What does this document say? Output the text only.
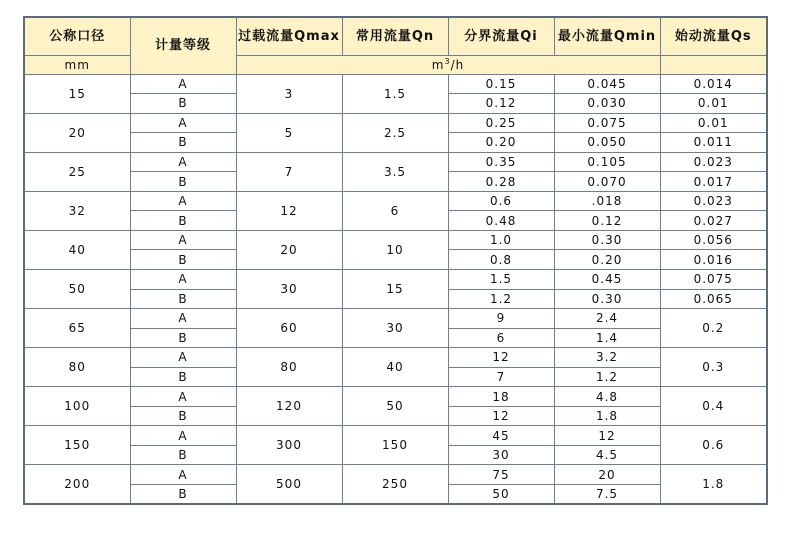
公称口径	计量等级	过载流量Qmax	常用流量Qn	分界流量Qi	最小流量Qmin	始动流量Qs
mm		$m^3/h$				
15	A	3	1.5	0.15	0.045	0.014
	B			0.12	0.030	0.01
20	A	5	2.5	0.25	0.075	0.01
	B			0.20	0.050	0.011
25	A	7	3.5	0.35	0.105	0.023
	B			0.28	0.070	0.017
32	A	12	6	0.6	.018	0.023
	B			0.48	0.12	0.027
40	A	20	10	1.0	0.30	0.056
	B			0.8	0.20	0.016
50	A	30	15	1.5	0.45	0.075
	B			1.2	0.30	0.065
65	A	60	30	9	2.4	0.2
	B			6	1.4	
80	A	80	40	12	3.2	0.3
	B			7	1.2	
100	A	120	50	18	4.8	0.4
	B			12	1.8	
150	A	300	150	45	12	0.6
	B			30	4.5	
200	A	500	250	75	20	1.8
	B			50	7.5	
